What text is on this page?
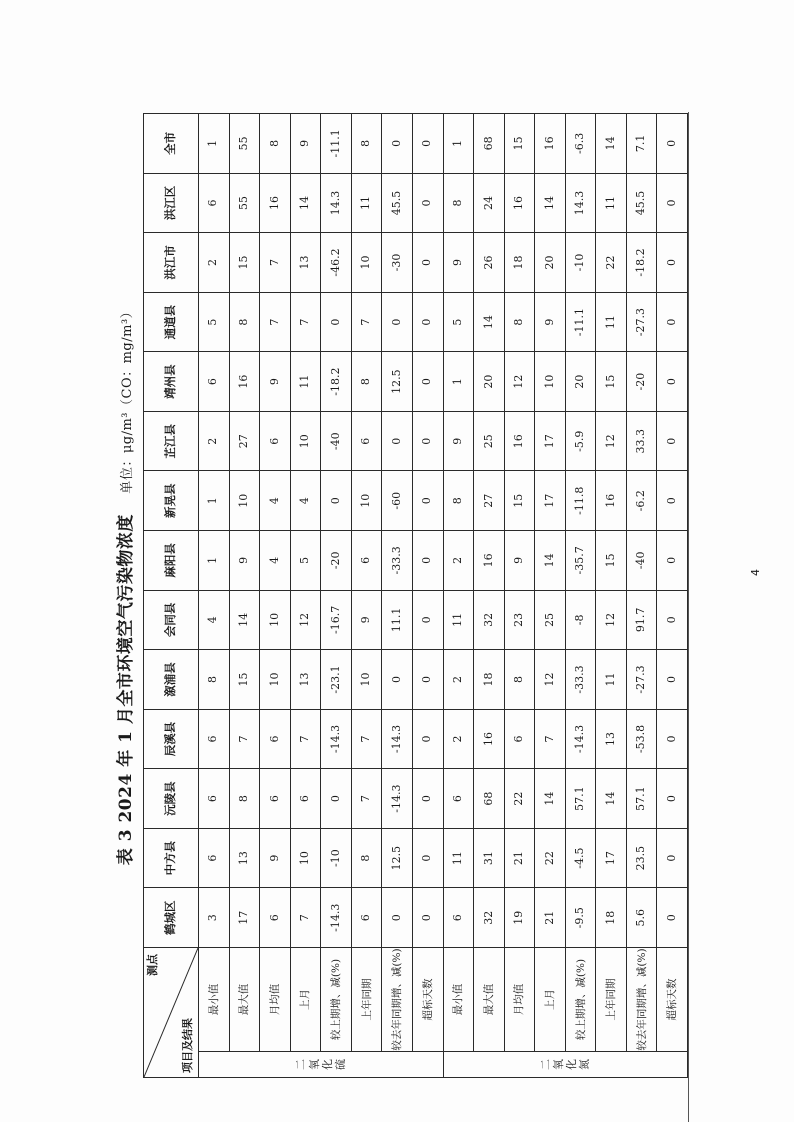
表 3 2024 年 1 月全市环境空气污染物浓度 单位：μg/m³（CO：mg/m³）
测点
项目及结果		鹤城区	中方县	沅陵县	辰溪县	溆浦县	会同县	麻阳县	新晃县	芷江县	靖州县	通道县	洪江市	洪江区	全市

二氧化硫	最小值	3	6	6	6	8	4	1	1	2	6	5	2	6	1
	最大值	17	13	8	7	15	14	9	10	27	16	8	15	55	55
	月均值	6	9	6	6	10	10	4	4	6	9	7	7	16	8
	上月	7	10	6	7	13	12	5	4	10	11	7	13	14	9
	较上期增、减(%)	-14.3	-10	0	-14.3	-23.1	-16.7	-20	0	-40	-18.2	0	-46.2	14.3	-11.1
	上年同期	6	8	7	7	10	9	6	10	6	8	7	10	11	8
	较去年同期增、减(%)	0	12.5	-14.3	-14.3	0	11.1	-33.3	-60	0	12.5	0	-30	45.5	0
	超标天数	0	0	0	0	0	0	0	0	0	0	0	0	0	0

二氧化氮	最小值	6	11	6	2	2	11	2	8	9	1	5	9	8	1
	最大值	32	31	68	16	18	32	16	27	25	20	14	26	24	68
	月均值	19	21	22	6	8	23	9	15	16	12	8	18	16	15
	上月	21	22	14	7	12	25	14	17	17	10	9	20	14	16
	较上期增、减(%)	-9.5	-4.5	57.1	-14.3	-33.3	-8	-35.7	-11.8	-5.9	20	-11.1	-10	14.3	-6.3
	上年同期	18	17	14	13	11	12	15	16	12	15	11	22	11	14
	较去年同期增、减(%)	5.6	23.5	57.1	-53.8	-27.3	91.7	-40	-6.2	33.3	-20	-27.3	-18.2	45.5	7.1
	超标天数	0	0	0	0	0	0	0	0	0	0	0	0	0	0
4
